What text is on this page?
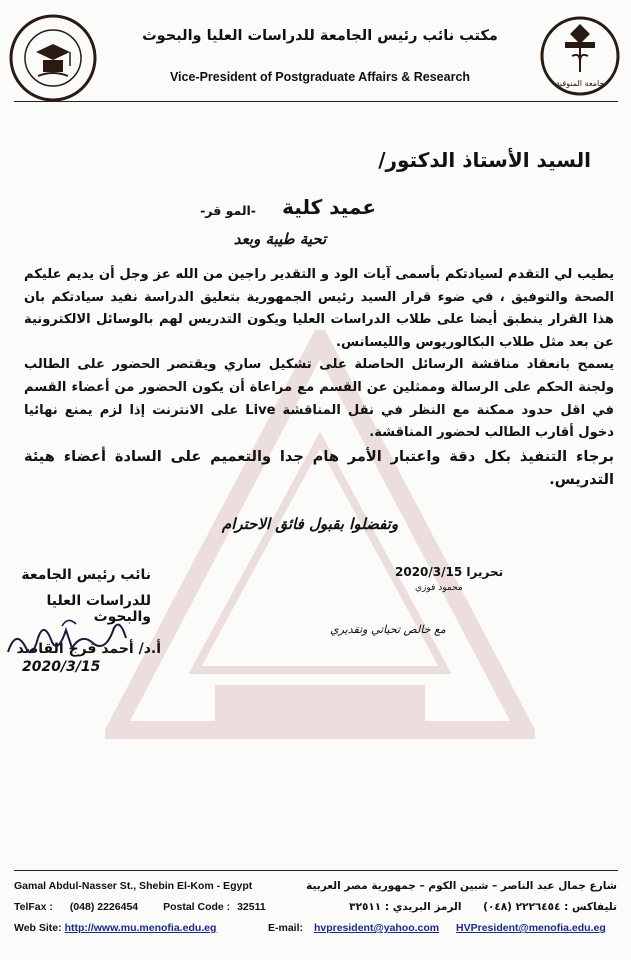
جامعة المنوفية
مكتب نائب رئيس الجامعة للدراسات العليا والبحوث
Vice-President of Postgraduate Affairs & Research
السيد الأستاذ الدكتور/
عميد كلية
-المو قر-
تحية طيبة وبعد

يطيب لي التقدم لسيادتكم بأسمى آيات الود و التقدير راجين من الله عز وجل أن يديم عليكم الصحة والتوفيق ، في ضوء قرار السيد رئيس الجمهورية بتعليق الدراسة نفيد سيادتكم بان هذا القرار ينطبق أيضا على طلاب الدراسات العليا ويكون التدريس لهم بالوسائل الالكترونية عن بعد مثل طلاب البكالوريوس والليسانس.

يسمح بانعقاد مناقشة الرسائل الحاصلة على تشكيل ساري ويقتصر الحضور على الطالب ولجنة الحكم على الرسالة وممثلين عن القسم مع مراعاة أن يكون الحضور من أعضاء القسم في اقل حدود ممكنة مع النظر في نقل المناقشة Live على الانترنت إذا لزم يمنع نهائيا دخول أقارب الطالب لحضور المناقشة.

برجاء التنفيذ بكل دقة واعتبار الأمر هام جدا والتعميم على السادة أعضاء هيئة التدريس.

وتفضلوا بقبول فائق الاحترام
تحريرا 2020/3/15
محمود فوزي
مع خالص تحياتي وتقديري
نائب رئيس الجامعة
للدراسات العليا والبحوث
أ.د/ أحمد فرج القاصد
2020/3/15
Gamal Abdul-Nasser St., Shebin El-Kom - Egypt	شارع جمال عبد الناصر – شبين الكوم – جمهورية مصر العربية
TelFax : (048) 2226454 Postal Code : 32511	تليفاكس : ٢٢٢٦٤٥٤ (٠٤٨) الرمز البريدي : ٣٢٥١١
Web Site: http://www.mu.menofia.edu.eg	E-mail: hvpresident@yahoo.com HVPresident@menofia.edu.eg
